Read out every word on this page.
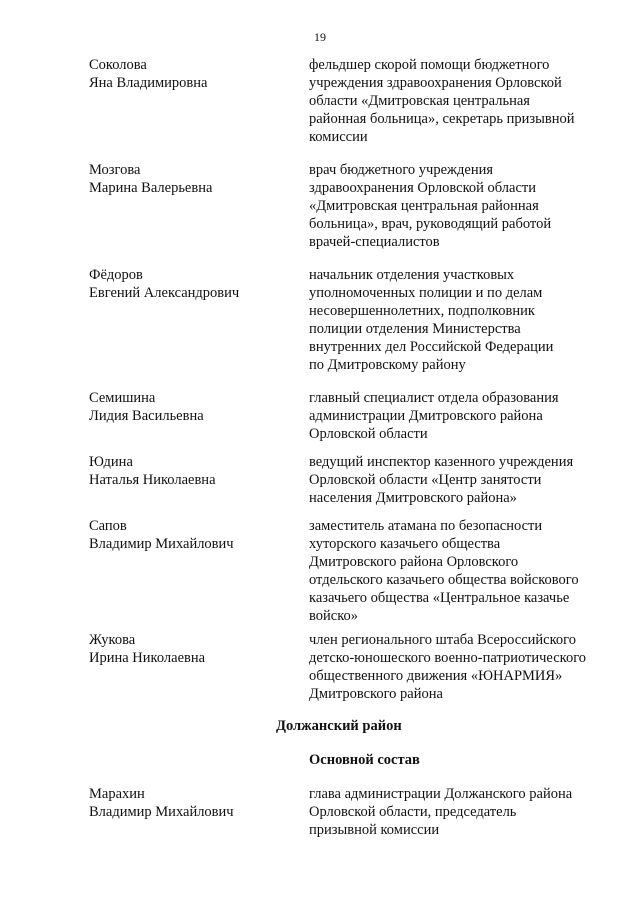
19
Соколова
Яна Владимировна
фельдшер скорой помощи бюджетного
учреждения здравоохранения Орловской
области «Дмитровская центральная
районная больница», секретарь призывной
комиссии
Мозгова
Марина Валерьевна
врач бюджетного учреждения
здравоохранения Орловской области
«Дмитровская центральная районная
больница», врач, руководящий работой
врачей-специалистов
Фёдоров
Евгений Александрович
начальник отделения участковых
уполномоченных полиции и по делам
несовершеннолетних, подполковник
полиции отделения Министерства
внутренних дел Российской Федерации
по Дмитровскому району
Семишина
Лидия Васильевна
главный специалист отдела образования
администрации Дмитровского района
Орловской области
Юдина
Наталья Николаевна
ведущий инспектор казенного учреждения
Орловской области «Центр занятости
населения Дмитровского района»
Сапов
Владимир Михайлович
заместитель атамана по безопасности
хуторского казачьего общества
Дмитровского района Орловского
отдельского казачьего общества войскового
казачьего общества «Центральное казачье
войско»
Жукова
Ирина Николаевна
член регионального штаба Всероссийского
детско-юношеского военно-патриотического
общественного движения «ЮНАРМИЯ»
Дмитровского района
Должанский район
Основной состав
Марахин
Владимир Михайлович
глава администрации Должанского района
Орловской области, председатель
призывной комиссии
